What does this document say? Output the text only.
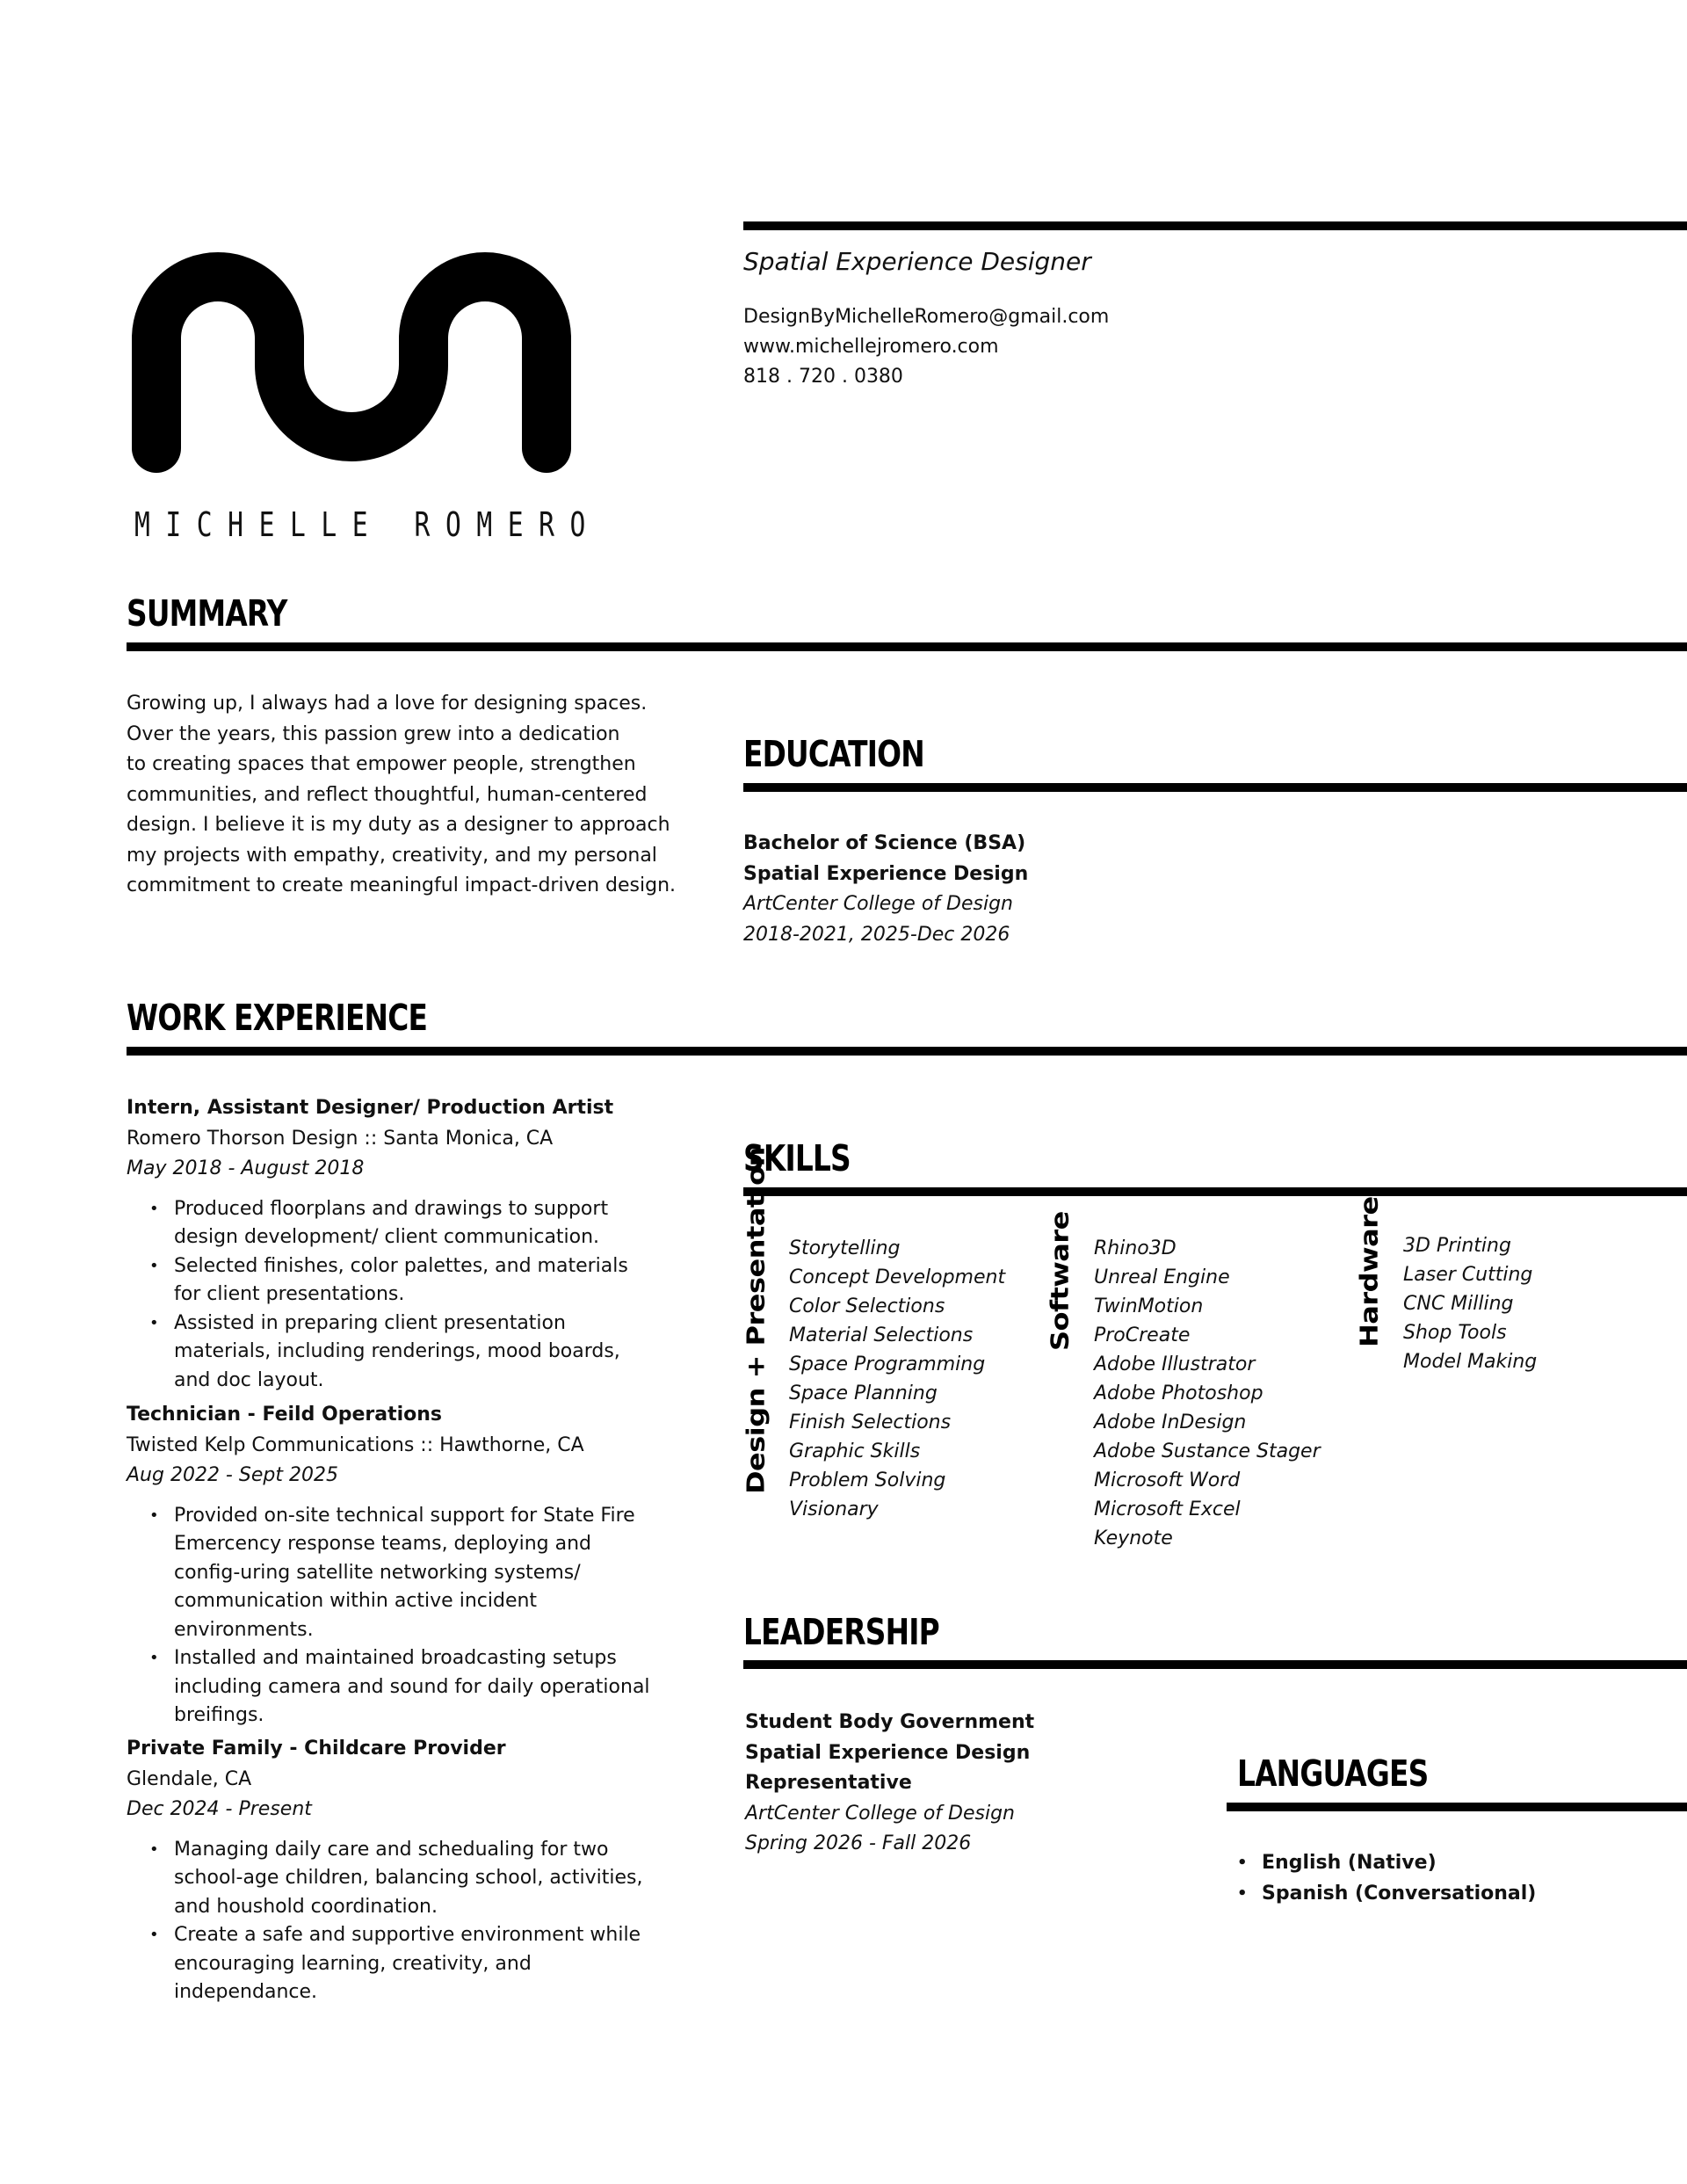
MICHELLE ROMERO
Spatial Experience Designer
DesignByMichelleRomero@gmail.com
www.michellejromero.com
818 . 720 . 0380
SUMMARY
Growing up, I always had a love for designing spaces.
Over the years, this passion grew into a dedication
to creating spaces that empower people, strengthen
communities, and reflect thoughtful, human-centered
design. I believe it is my duty as a designer to approach
my projects with empathy, creativity, and my personal
commitment to create meaningful impact-driven design.
EDUCATION
Bachelor of Science (BSA)
Spatial Experience Design
ArtCenter College of Design
2018-2021, 2025-Dec 2026
WORK EXPERIENCE
Intern, Assistant Designer/ Production Artist
Romero Thorson Design :: Santa Monica, CA
May 2018 - August 2018
• Produced floorplans and drawings to support design development/ client communication.
• Selected finishes, color palettes, and materials for client presentations.
• Assisted in preparing client presentation materials, including renderings, mood boards, and doc layout.
Technician - Feild Operations
Twisted Kelp Communications :: Hawthorne, CA
Aug 2022 - Sept 2025
• Provided on-site technical support for State Fire Emercency response teams, deploying and config-uring satellite networking systems/ communication within active incident environments.
• Installed and maintained broadcasting setups including camera and sound for daily operational breifings.
Private Family - Childcare Provider
Glendale, CA
Dec 2024 - Present
• Managing daily care and schedualing for two school-age children, balancing school, activities, and houshold coordination.
• Create a safe and supportive environment while encouraging learning, creativity, and independance.
SKILLS
Design + Presentation Storytelling
Concept Development
Color Selections
Material Selections
Space Programming
Space Planning
Finish Selections
Graphic Skills
Problem Solving
Visionary
Software Rhino3D
Unreal Engine
TwinMotion
ProCreate
Adobe Illustrator
Adobe Photoshop
Adobe InDesign
Adobe Sustance Stager
Microsoft Word
Microsoft Excel
Keynote
Hardware 3D Printing
Laser Cutting
CNC Milling
Shop Tools
Model Making
LEADERSHIP
Student Body Government
Spatial Experience Design
Representative
ArtCenter College of Design
Spring 2026 - Fall 2026
LANGUAGES
• English (Native)
• Spanish (Conversational)
